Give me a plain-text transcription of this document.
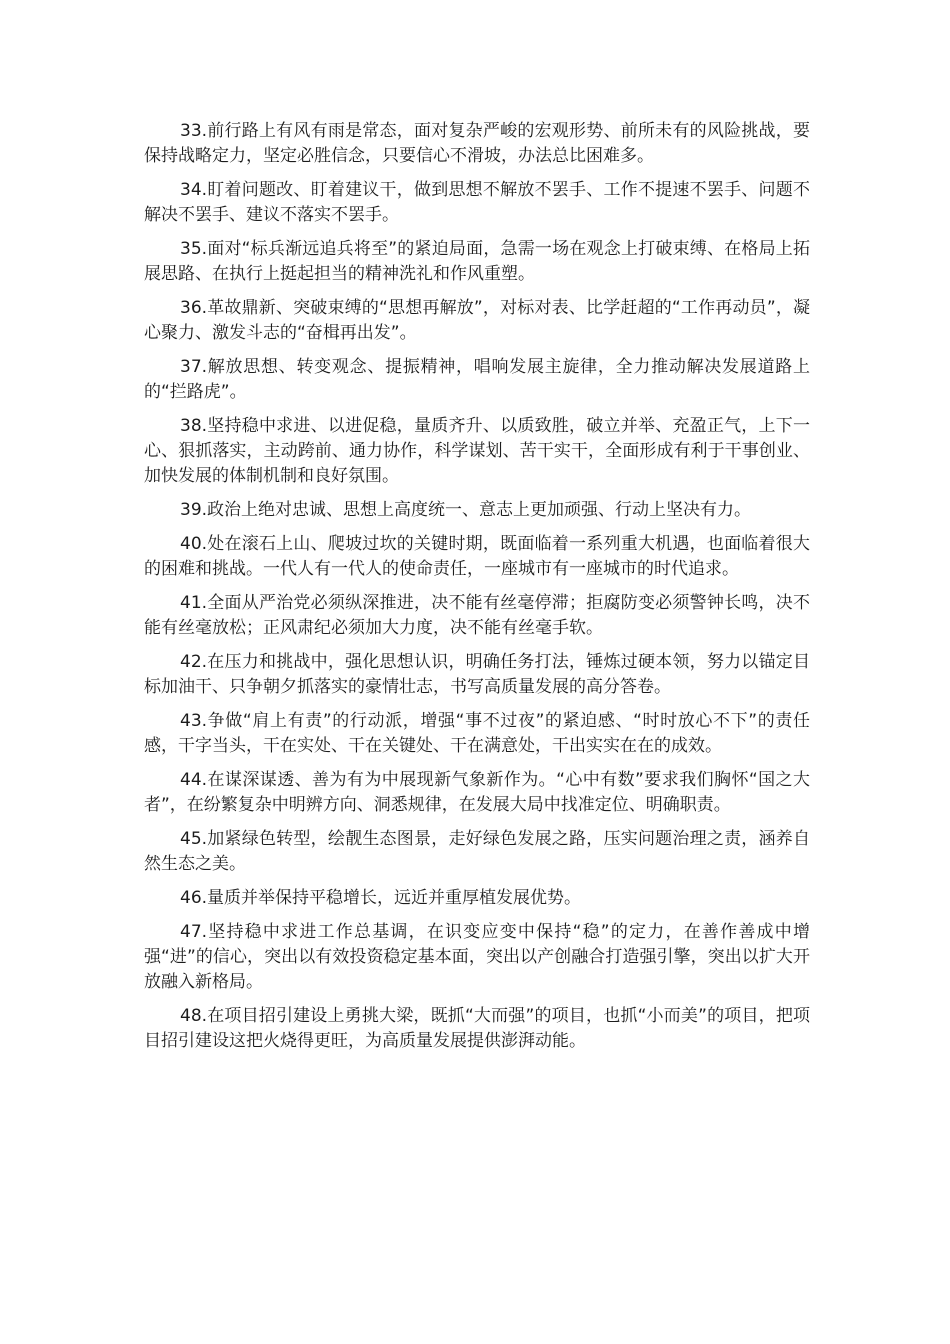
33.前行路上有风有雨是常态，面对复杂严峻的宏观形势、前所未有的风险挑战，要保持战略定力，坚定必胜信念，只要信心不滑坡，办法总比困难多。

34.盯着问题改、盯着建议干，做到思想不解放不罢手、工作不提速不罢手、问题不解决不罢手、建议不落实不罢手。

35.面对“标兵渐远追兵将至”的紧迫局面，急需一场在观念上打破束缚、在格局上拓展思路、在执行上挺起担当的精神洗礼和作风重塑。

36.革故鼎新、突破束缚的“思想再解放”，对标对表、比学赶超的“工作再动员”，凝心聚力、激发斗志的“奋楫再出发”。

37.解放思想、转变观念、提振精神，唱响发展主旋律，全力推动解决发展道路上的“拦路虎”。

38.坚持稳中求进、以进促稳，量质齐升、以质致胜，破立并举、充盈正气，上下一心、狠抓落实，主动跨前、通力协作，科学谋划、苦干实干，全面形成有利于干事创业、加快发展的体制机制和良好氛围。

39.政治上绝对忠诚、思想上高度统一、意志上更加顽强、行动上坚决有力。

40.处在滚石上山、爬坡过坎的关键时期，既面临着一系列重大机遇，也面临着很大的困难和挑战。一代人有一代人的使命责任，一座城市有一座城市的时代追求。

41.全面从严治党必须纵深推进，决不能有丝毫停滞；拒腐防变必须警钟长鸣，决不能有丝毫放松；正风肃纪必须加大力度，决不能有丝毫手软。

42.在压力和挑战中，强化思想认识，明确任务打法，锤炼过硬本领，努力以锚定目标加油干、只争朝夕抓落实的豪情壮志，书写高质量发展的高分答卷。

43.争做“肩上有责”的行动派，增强“事不过夜”的紧迫感、“时时放心不下”的责任感，干字当头，干在实处、干在关键处、干在满意处，干出实实在在的成效。

44.在谋深谋透、善为有为中展现新气象新作为。“心中有数”要求我们胸怀“国之大者”，在纷繁复杂中明辨方向、洞悉规律，在发展大局中找准定位、明确职责。

45.加紧绿色转型，绘靓生态图景，走好绿色发展之路，压实问题治理之责，涵养自然生态之美。

46.量质并举保持平稳增长，远近并重厚植发展优势。

47.坚持稳中求进工作总基调，在识变应变中保持“稳”的定力，在善作善成中增强“进”的信心，突出以有效投资稳定基本面，突出以产创融合打造强引擎，突出以扩大开放融入新格局。

48.在项目招引建设上勇挑大梁，既抓“大而强”的项目，也抓“小而美”的项目，把项目招引建设这把火烧得更旺，为高质量发展提供澎湃动能。
